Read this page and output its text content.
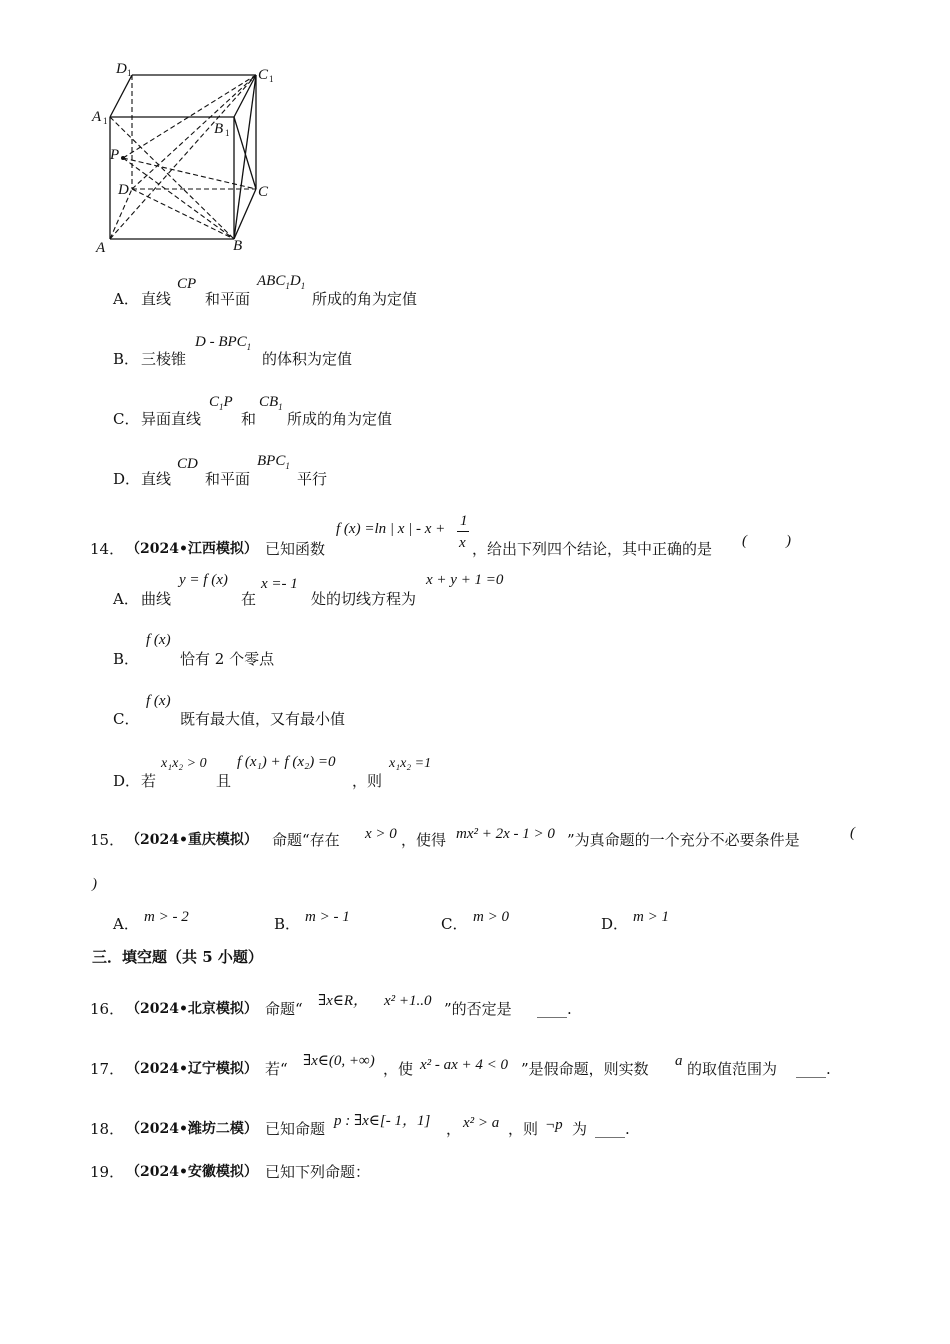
D 1	C 1
A 1	B 1
P
D	C
A	B
A． 直线
CP
和平面
$ABC_1D_1$
所成的角为定值
B． 三棱锥
D - $BPC_1$
的体积为定值
C． 异面直线
$C_1P$
和
$CB_1$
所成的角为定值
D． 直线
CD
和平面
$BPC_1$
平行
14． （2024•江西模拟） 已知函数
f (x) =ln | x | - x + 1
x ，给出下列四个结论，其中正确的是 (	)
A． 曲线
y = f (x)
在
x =- 1
处的切线方程为
x + y + 1 =0
B．
f (x)
恰有 2 个零点
C．
f (x)
既有最大值，又有最小值
D． 若
x₁x₂ > 0
且
f (x₁) + f (x₂) =0
，则
x₁x₂ =1
15． （2024•重庆模拟） 命题“存在 x > 0 ，使得 mx² + 2x - 1 > 0 ”为真命题的一个充分不必要条件是	(
)
A． m > - 2	B． m > - 1	C． m > 0	D． m > 1
三．填空题（共 5 小题）
16． （2024•北京模拟） 命题“ ∃x∈R， x² +1..0 ”的否定是 ____.
17． （2024•辽宁模拟） 若“ ∃x∈(0, +∞) ，使 x² - ax + 4 < 0 ”是假命题，则实数 a 的取值范围为 ____.
18． （2024•潍坊二模） 已知命题 p : ∃x∈[- 1，1] ， x² > a ，则 ¬p 为 ____.
19． （2024•安徽模拟） 已知下列命题：
